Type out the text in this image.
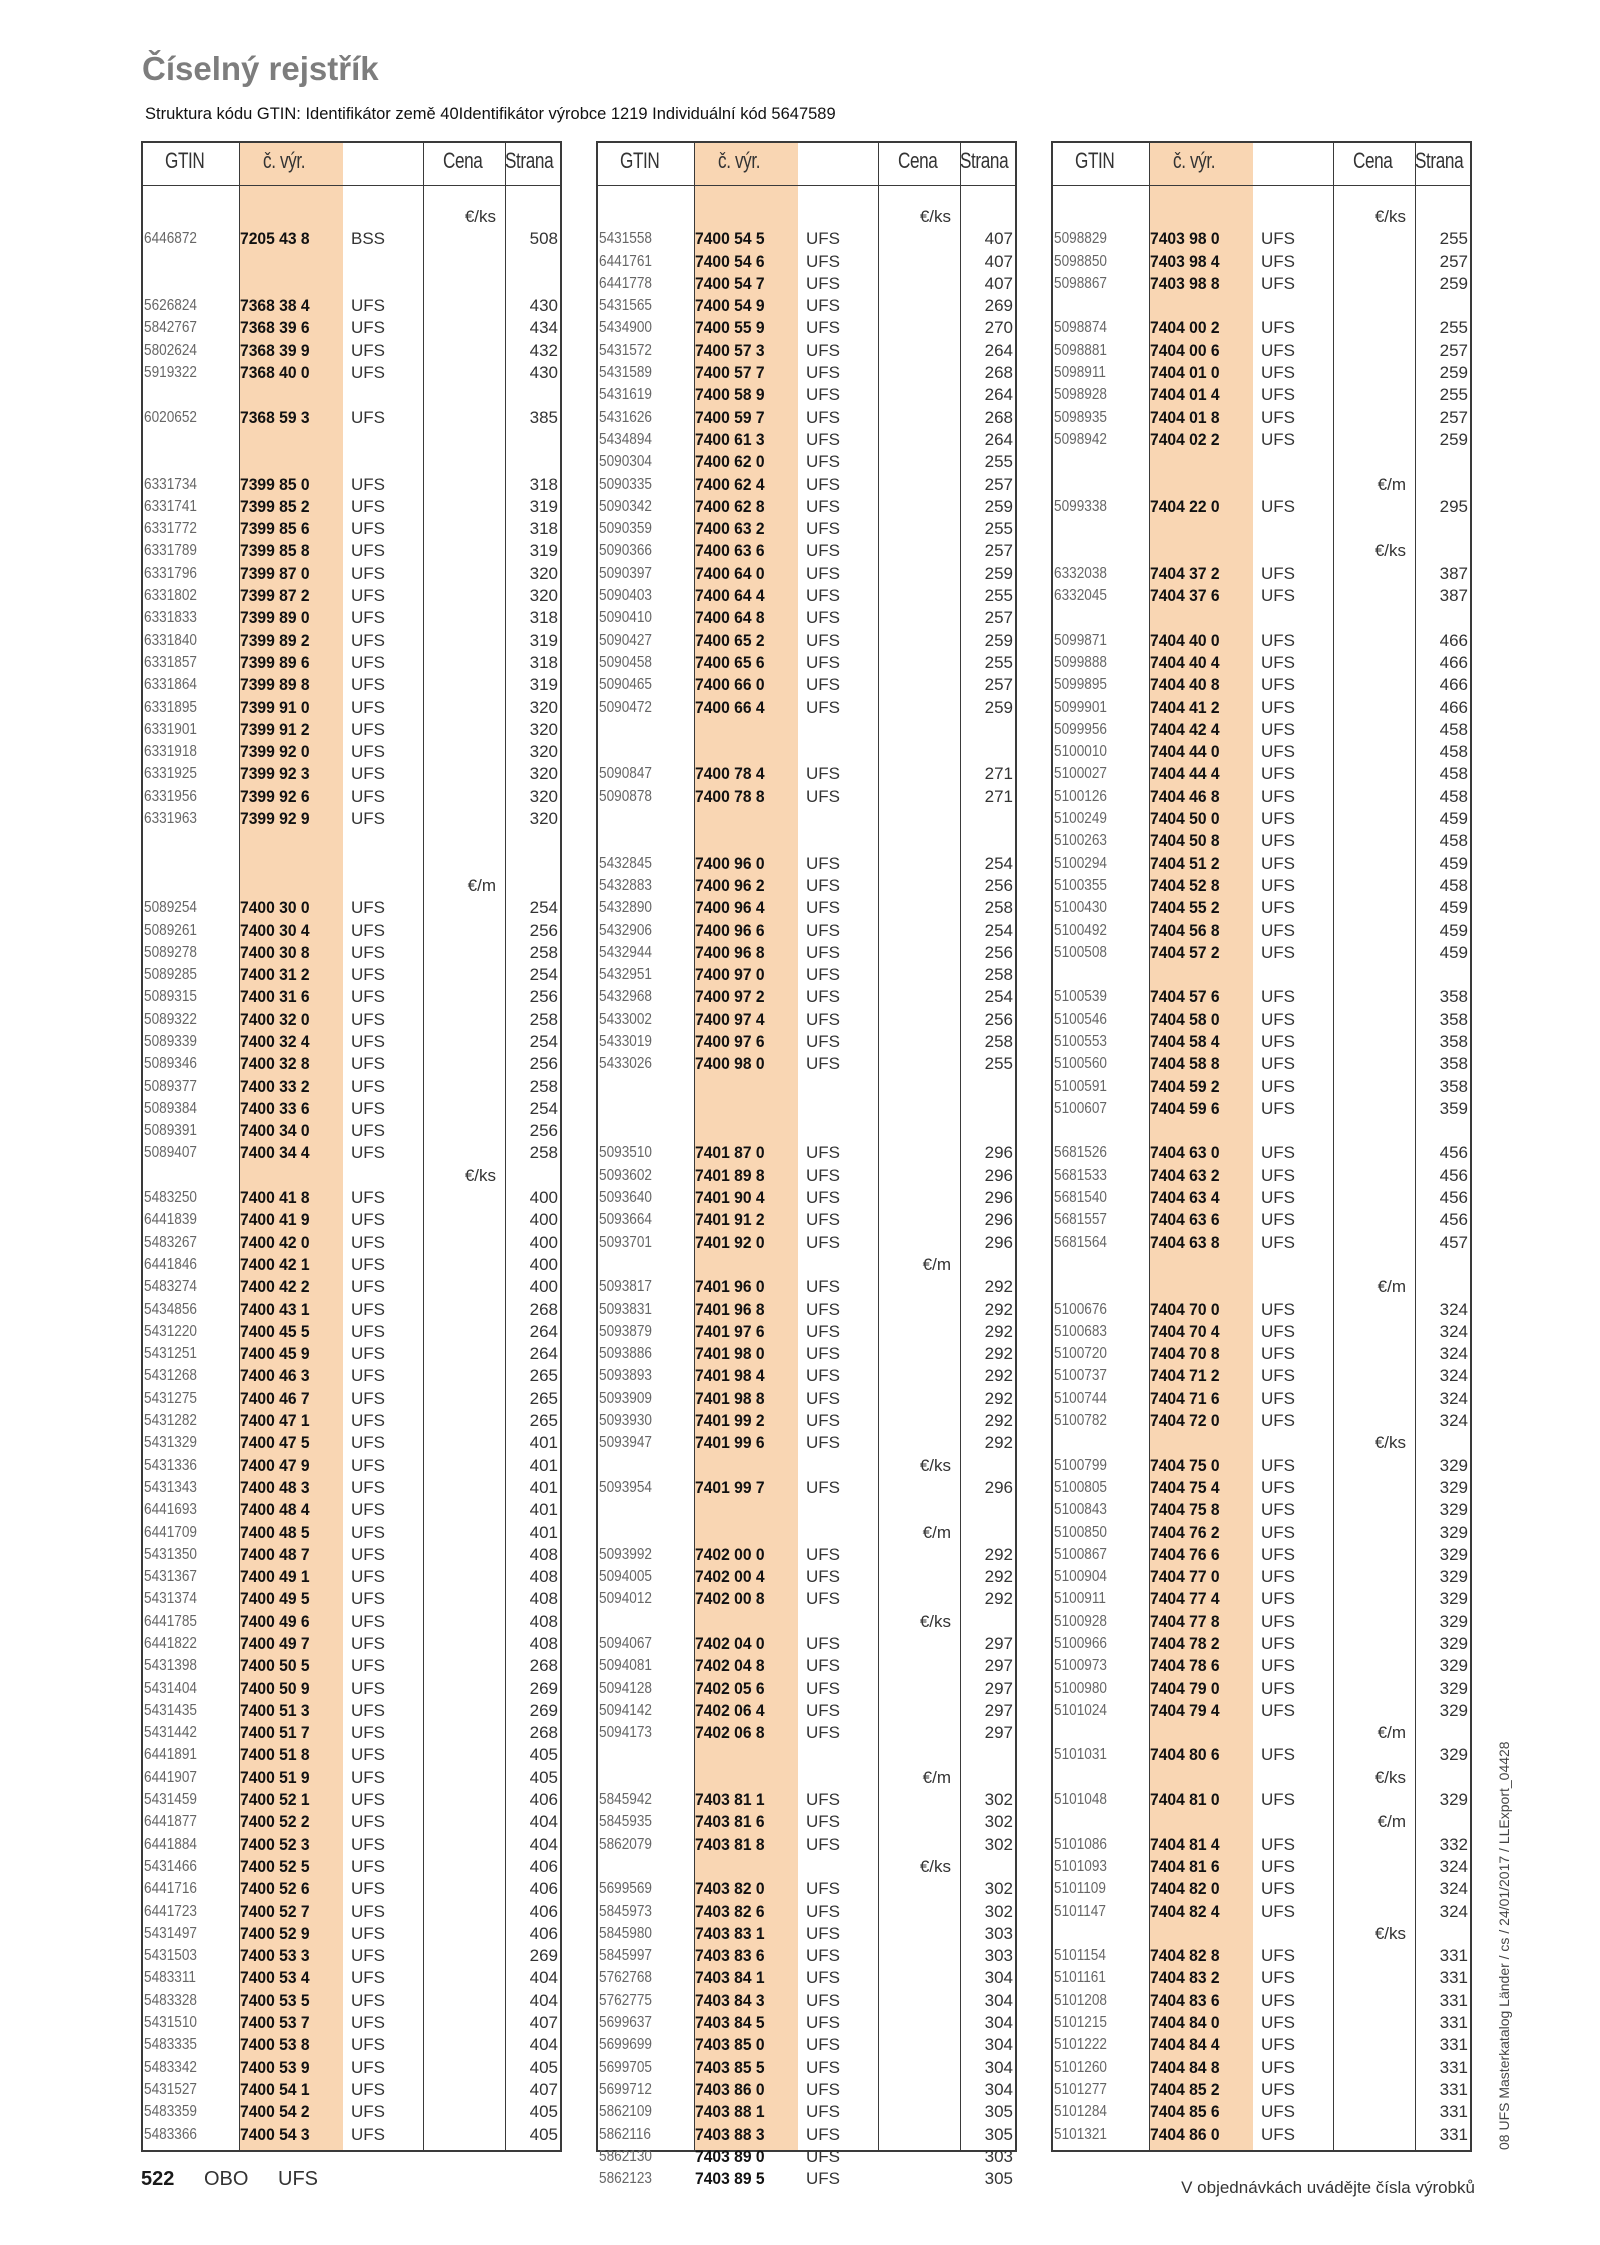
Číselný rejstřík
Struktura kódu GTIN: Identifikátor země 40Identifikátor výrobce 1219 Individuální kód 5647589
GTIN	č. výr.	Cena Strana
€/ks
6446872	7205 43 8 BSS	508
5626824	7368 38 4 UFS	430
5842767	7368 39 6 UFS	434
5802624	7368 39 9 UFS	432
5919322	7368 40 0 UFS	430
6020652	7368 59 3 UFS	385
6331734	7399 85 0 UFS	318
6331741	7399 85 2 UFS	319
6331772	7399 85 6 UFS	318
6331789	7399 85 8 UFS	319
6331796	7399 87 0 UFS	320
6331802	7399 87 2 UFS	320
6331833	7399 89 0 UFS	318
6331840	7399 89 2 UFS	319
6331857	7399 89 6 UFS	318
6331864	7399 89 8 UFS	319
6331895	7399 91 0 UFS	320
6331901	7399 91 2 UFS	320
6331918	7399 92 0 UFS	320
6331925	7399 92 3 UFS	320
6331956	7399 92 6 UFS	320
6331963	7399 92 9 UFS	320
€/m
5089254	7400 30 0 UFS	254
5089261	7400 30 4 UFS	256
5089278	7400 30 8 UFS	258
5089285	7400 31 2 UFS	254
5089315	7400 31 6 UFS	256
5089322	7400 32 0 UFS	258
5089339	7400 32 4 UFS	254
5089346	7400 32 8 UFS	256
5089377	7400 33 2 UFS	258
5089384	7400 33 6 UFS	254
5089391	7400 34 0 UFS	256
5089407	7400 34 4 UFS	258
€/ks
5483250	7400 41 8 UFS	400
6441839	7400 41 9 UFS	400
5483267	7400 42 0 UFS	400
6441846	7400 42 1 UFS	400
5483274	7400 42 2 UFS	400
5434856	7400 43 1 UFS	268
5431220	7400 45 5 UFS	264
5431251	7400 45 9 UFS	264
5431268	7400 46 3 UFS	265
5431275	7400 46 7 UFS	265
5431282	7400 47 1 UFS	265
5431329	7400 47 5 UFS	401
5431336	7400 47 9 UFS	401
5431343	7400 48 3 UFS	401
6441693	7400 48 4 UFS	401
6441709	7400 48 5 UFS	401
5431350	7400 48 7 UFS	408
5431367	7400 49 1 UFS	408
5431374	7400 49 5 UFS	408
6441785	7400 49 6 UFS	408
6441822	7400 49 7 UFS	408
5431398	7400 50 5 UFS	268
5431404	7400 50 9 UFS	269
5431435	7400 51 3 UFS	269
5431442	7400 51 7 UFS	268
6441891	7400 51 8 UFS	405
6441907	7400 51 9 UFS	405
5431459	7400 52 1 UFS	406
6441877	7400 52 2 UFS	404
6441884	7400 52 3 UFS	404
5431466	7400 52 5 UFS	406
6441716	7400 52 6 UFS	406
6441723	7400 52 7 UFS	406
5431497	7400 52 9 UFS	406
5431503	7400 53 3 UFS	269
5483311	7400 53 4 UFS	404
5483328	7400 53 5 UFS	404
5431510	7400 53 7 UFS	407
5483335	7400 53 8 UFS	404
5483342	7400 53 9 UFS	405
5431527	7400 54 1 UFS	407
5483359	7400 54 2 UFS	405
5483366	7400 54 3 UFS	405
GTIN	č. výr.	Cena Strana
€/ks
5431558	7400 54 5 UFS	407
6441761	7400 54 6 UFS	407
6441778	7400 54 7 UFS	407
5431565	7400 54 9 UFS	269
5434900	7400 55 9 UFS	270
5431572	7400 57 3 UFS	264
5431589	7400 57 7 UFS	268
5431619	7400 58 9 UFS	264
5431626	7400 59 7 UFS	268
5434894	7400 61 3 UFS	264
5090304	7400 62 0 UFS	255
5090335	7400 62 4 UFS	257
5090342	7400 62 8 UFS	259
5090359	7400 63 2 UFS	255
5090366	7400 63 6 UFS	257
5090397	7400 64 0 UFS	259
5090403	7400 64 4 UFS	255
5090410	7400 64 8 UFS	257
5090427	7400 65 2 UFS	259
5090458	7400 65 6 UFS	255
5090465	7400 66 0 UFS	257
5090472	7400 66 4 UFS	259
5090847	7400 78 4 UFS	271
5090878	7400 78 8 UFS	271
5432845	7400 96 0 UFS	254
5432883	7400 96 2 UFS	256
5432890	7400 96 4 UFS	258
5432906	7400 96 6 UFS	254
5432944	7400 96 8 UFS	256
5432951	7400 97 0 UFS	258
5432968	7400 97 2 UFS	254
5433002	7400 97 4 UFS	256
5433019	7400 97 6 UFS	258
5433026	7400 98 0 UFS	255
5093510	7401 87 0 UFS	296
5093602	7401 89 8 UFS	296
5093640	7401 90 4 UFS	296
5093664	7401 91 2 UFS	296
5093701	7401 92 0 UFS	296
€/m
5093817	7401 96 0 UFS	292
5093831	7401 96 8 UFS	292
5093879	7401 97 6 UFS	292
5093886	7401 98 0 UFS	292
5093893	7401 98 4 UFS	292
5093909	7401 98 8 UFS	292
5093930	7401 99 2 UFS	292
5093947	7401 99 6 UFS	292
€/ks
5093954	7401 99 7 UFS	296
€/m
5093992	7402 00 0 UFS	292
5094005	7402 00 4 UFS	292
5094012	7402 00 8 UFS	292
€/ks
5094067	7402 04 0 UFS	297
5094081	7402 04 8 UFS	297
5094128	7402 05 6 UFS	297
5094142	7402 06 4 UFS	297
5094173	7402 06 8 UFS	297
€/m
5845942	7403 81 1 UFS	302
5845935	7403 81 6 UFS	302
5862079	7403 81 8 UFS	302
€/ks
5699569	7403 82 0 UFS	302
5845973	7403 82 6 UFS	302
5845980	7403 83 1 UFS	303
5845997	7403 83 6 UFS	303
5762768	7403 84 1 UFS	304
5762775	7403 84 3 UFS	304
5699637	7403 84 5 UFS	304
5699699	7403 85 0 UFS	304
5699705	7403 85 5 UFS	304
5699712	7403 86 0 UFS	304
5862109	7403 88 1 UFS	305
5862116	7403 88 3 UFS	305
5862130	7403 89 0 UFS	303
5862123	7403 89 5 UFS	305
GTIN	č. výr.	Cena Strana
€/ks
5098829	7403 98 0 UFS	255
5098850	7403 98 4 UFS	257
5098867	7403 98 8 UFS	259
5098874	7404 00 2 UFS	255
5098881	7404 00 6 UFS	257
5098911	7404 01 0 UFS	259
5098928	7404 01 4 UFS	255
5098935	7404 01 8 UFS	257
5098942	7404 02 2 UFS	259
€/m
5099338	7404 22 0 UFS	295
€/ks
6332038	7404 37 2 UFS	387
6332045	7404 37 6 UFS	387
5099871	7404 40 0 UFS	466
5099888	7404 40 4 UFS	466
5099895	7404 40 8 UFS	466
5099901	7404 41 2 UFS	466
5099956	7404 42 4 UFS	458
5100010	7404 44 0 UFS	458
5100027	7404 44 4 UFS	458
5100126	7404 46 8 UFS	458
5100249	7404 50 0 UFS	459
5100263	7404 50 8 UFS	458
5100294	7404 51 2 UFS	459
5100355	7404 52 8 UFS	458
5100430	7404 55 2 UFS	459
5100492	7404 56 8 UFS	459
5100508	7404 57 2 UFS	459
5100539	7404 57 6 UFS	358
5100546	7404 58 0 UFS	358
5100553	7404 58 4 UFS	358
5100560	7404 58 8 UFS	358
5100591	7404 59 2 UFS	358
5100607	7404 59 6 UFS	359
5681526	7404 63 0 UFS	456
5681533	7404 63 2 UFS	456
5681540	7404 63 4 UFS	456
5681557	7404 63 6 UFS	456
5681564	7404 63 8 UFS	457
€/m
5100676	7404 70 0 UFS	324
5100683	7404 70 4 UFS	324
5100720	7404 70 8 UFS	324
5100737	7404 71 2 UFS	324
5100744	7404 71 6 UFS	324
5100782	7404 72 0 UFS	324
€/ks
5100799	7404 75 0 UFS	329
5100805	7404 75 4 UFS	329
5100843	7404 75 8 UFS	329
5100850	7404 76 2 UFS	329
5100867	7404 76 6 UFS	329
5100904	7404 77 0 UFS	329
5100911	7404 77 4 UFS	329
5100928	7404 77 8 UFS	329
5100966	7404 78 2 UFS	329
5100973	7404 78 6 UFS	329
5100980	7404 79 0 UFS	329
5101024	7404 79 4 UFS	329
€/m
5101031	7404 80 6 UFS	329
€/ks
5101048	7404 81 0 UFS	329
€/m
5101086	7404 81 4 UFS	332
5101093	7404 81 6 UFS	324
5101109	7404 82 0 UFS	324
5101147	7404 82 4 UFS	324
€/ks
5101154	7404 82 8 UFS	331
5101161	7404 83 2 UFS	331
5101208	7404 83 6 UFS	331
5101215	7404 84 0 UFS	331
5101222	7404 84 4 UFS	331
5101260	7404 84 8 UFS	331
5101277	7404 85 2 UFS	331
5101284	7404 85 6 UFS	331
5101321	7404 86 0 UFS	331
522 OBO UFS	V objednávkách uvádějte čísla výrobků
08 UFS Masterkatalog Länder / cs / 24/01/2017 / LLExport_04428
